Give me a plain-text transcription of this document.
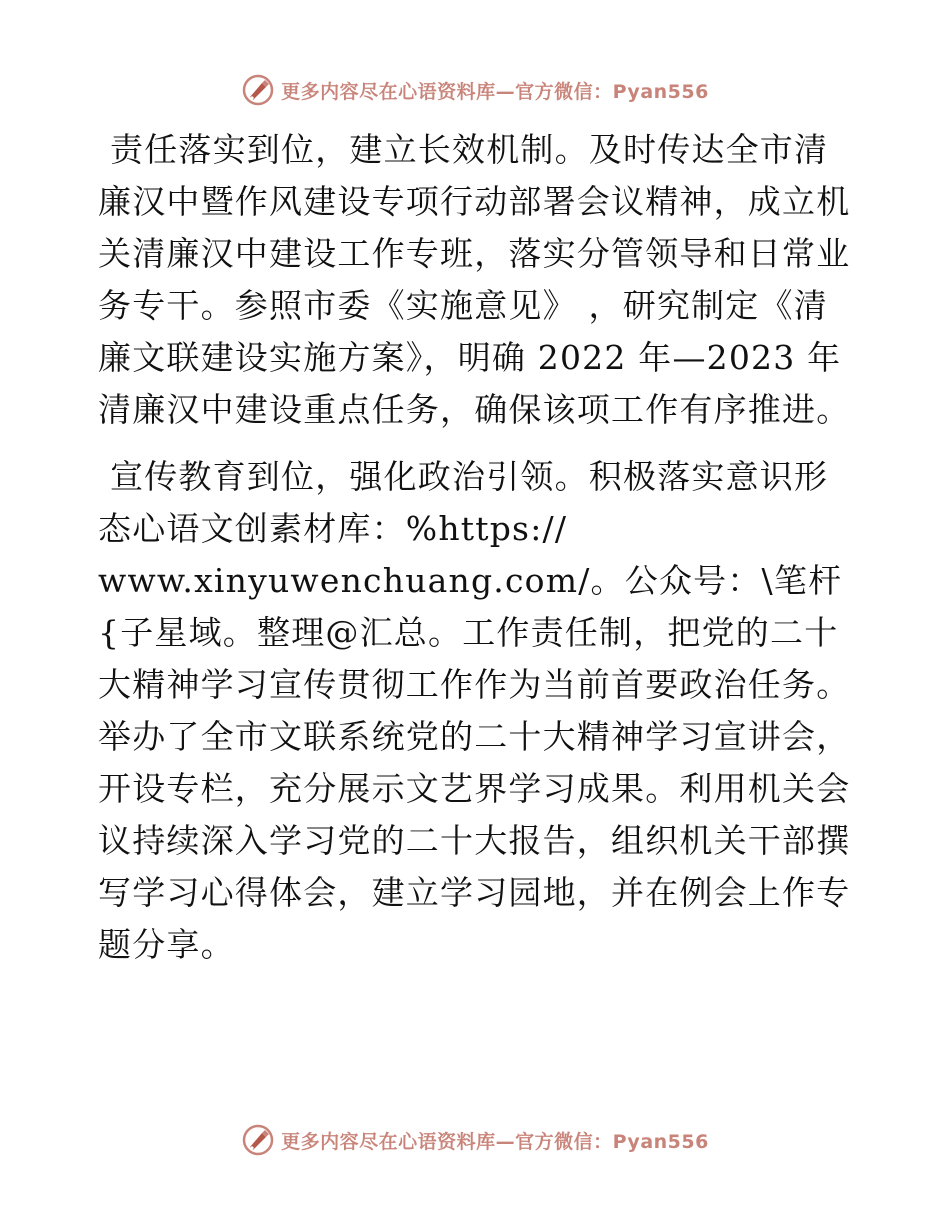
更多内容尽在心语资料库—官方微信：Pyan556

责任落实到位，建立长效机制。及时传达全市清廉汉中暨作风建设专项行动部署会议精神，成立机关清廉汉中建设工作专班，落实分管领导和日常业务专干。参照市委《实施意见》 ，研究制定《清廉文联建设实施方案》，明确 2022 年—2023 年清廉汉中建设重点任务，确保该项工作有序推进。

宣传教育到位，强化政治引领。积极落实意识形态心语文创素材库：%https://
www.xinyuwenchuang.com/。公众号：\笔杆{子星域。整理@汇总。工作责任制，把党的二十大精神学习宣传贯彻工作作为当前首要政治任务。举办了全市文联系统党的二十大精神学习宣讲会，开设专栏，充分展示文艺界学习成果。利用机关会议持续深入学习党的二十大报告，组织机关干部撰写学习心得体会，建立学习园地，并在例会上作专题分享。

更多内容尽在心语资料库—官方微信：Pyan556
